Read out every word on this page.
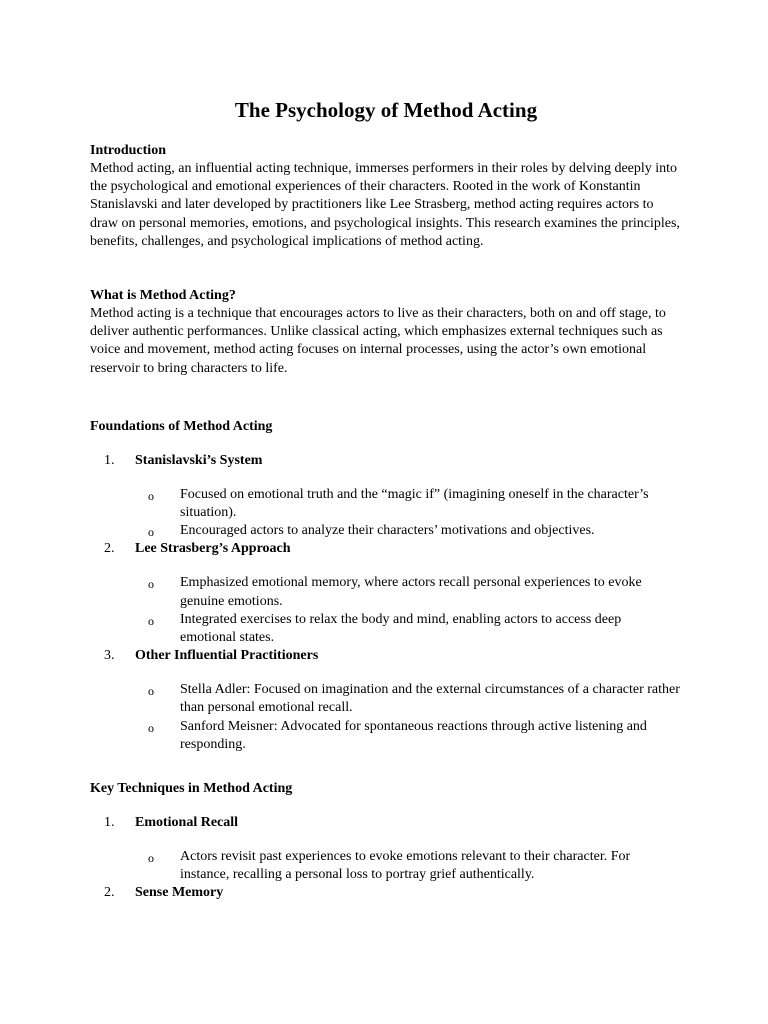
The Psychology of Method Acting
Introduction

Method acting, an influential acting technique, immerses performers in their roles by delving deeply into the psychological and emotional experiences of their characters. Rooted in the work of Konstantin Stanislavski and later developed by practitioners like Lee Strasberg, method acting requires actors to draw on personal memories, emotions, and psychological insights. This research examines the principles, benefits, challenges, and psychological implications of method acting.

What is Method Acting?

Method acting is a technique that encourages actors to live as their characters, both on and off stage, to deliver authentic performances. Unlike classical acting, which emphasizes external techniques such as voice and movement, method acting focuses on internal processes, using the actor’s own emotional reservoir to bring characters to life.

Foundations of Method Acting
1. Stanislavski’s System
o Focused on emotional truth and the “magic if” (imagining oneself in the character’s situation).
o Encouraged actors to analyze their characters’ motivations and objectives.
2. Lee Strasberg’s Approach
o Emphasized emotional memory, where actors recall personal experiences to evoke genuine emotions.
o Integrated exercises to relax the body and mind, enabling actors to access deep emotional states.
3. Other Influential Practitioners
o Stella Adler: Focused on imagination and the external circumstances of a character rather than personal emotional recall.
o Sanford Meisner: Advocated for spontaneous reactions through active listening and responding.
Key Techniques in Method Acting
1. Emotional Recall
o Actors revisit past experiences to evoke emotions relevant to their character. For instance, recalling a personal loss to portray grief authentically.
2. Sense Memory
